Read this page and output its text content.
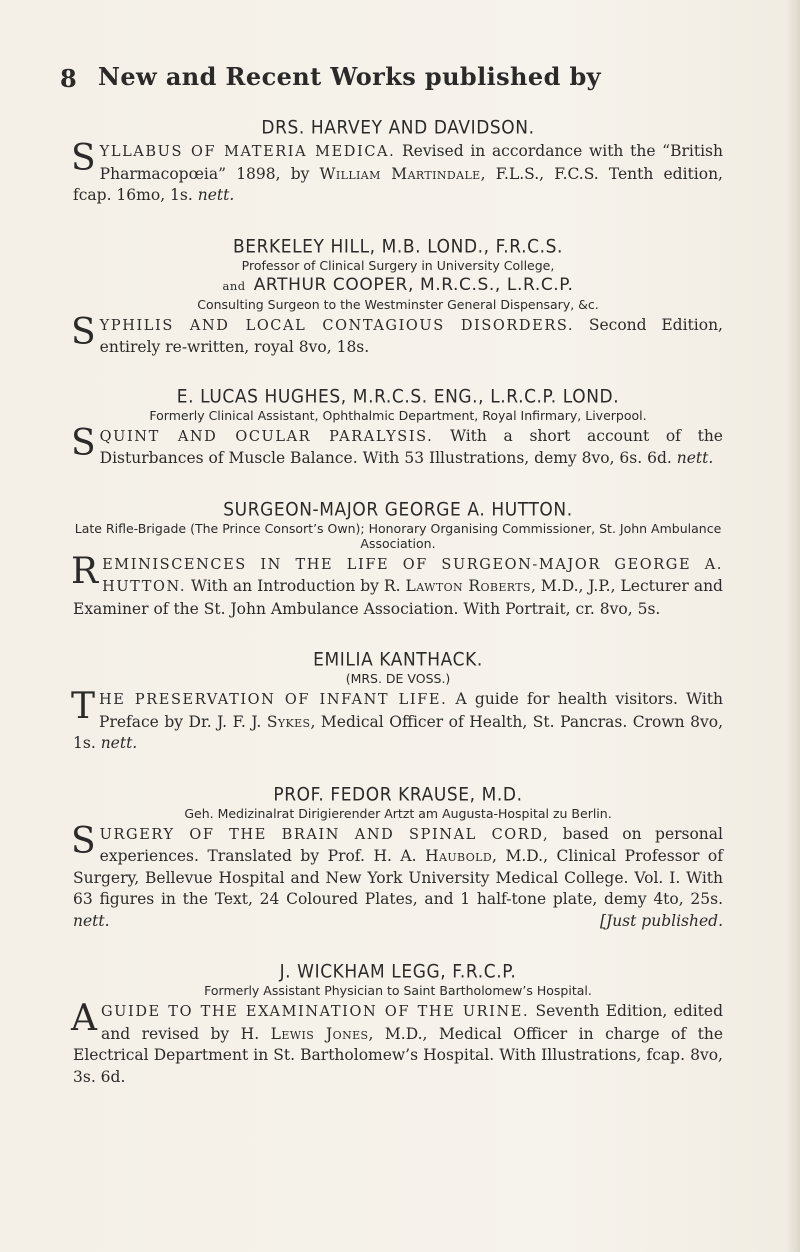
8 New and Recent Works published by

DRS. HARVEY AND DAVIDSON.

SYLLABUS OF MATERIA MEDICA. Revised in accordance with the “British Pharmacopœia” 1898, by William Martindale, F.L.S., F.C.S. Tenth edition, fcap. 16mo, 1s. nett.

BERKELEY HILL, M.B. LOND., F.R.C.S.

Professor of Clinical Surgery in University College,

and ARTHUR COOPER, M.R.C.S., L.R.C.P.

Consulting Surgeon to the Westminster General Dispensary, &c.

SYPHILIS AND LOCAL CONTAGIOUS DISORDERS. Second Edition, entirely re-written, royal 8vo, 18s.

E. LUCAS HUGHES, M.R.C.S. ENG., L.R.C.P. LOND.

Formerly Clinical Assistant, Ophthalmic Department, Royal Infirmary, Liverpool.

SQUINT AND OCULAR PARALYSIS. With a short account of the Disturbances of Muscle Balance. With 53 Illustrations, demy 8vo, 6s. 6d. nett.

SURGEON-MAJOR GEORGE A. HUTTON.

Late Rifle-Brigade (The Prince Consort’s Own); Honorary Organising Commissioner, St. John Ambulance Association.

REMINISCENCES IN THE LIFE OF SURGEON-MAJOR GEORGE A. HUTTON. With an Introduction by R. Lawton Roberts, M.D., J.P., Lecturer and Examiner of the St. John Ambulance Association. With Portrait, cr. 8vo, 5s.

EMILIA KANTHACK.

(MRS. DE VOSS.)

THE PRESERVATION OF INFANT LIFE. A guide for health visitors. With Preface by Dr. J. F. J. Sykes, Medical Officer of Health, St. Pancras. Crown 8vo, 1s. nett.

PROF. FEDOR KRAUSE, M.D.

Geh. Medizinalrat Dirigierender Artzt am Augusta-Hospital zu Berlin.

SURGERY OF THE BRAIN AND SPINAL CORD, based on personal experiences. Translated by Prof. H. A. Haubold, M.D., Clinical Professor of Surgery, Bellevue Hospital and New York University Medical College. Vol. I. With 63 figures in the Text, 24 Coloured Plates, and 1 half-tone plate, demy 4to, 25s. nett.	[Just published.

J. WICKHAM LEGG, F.R.C.P.

Formerly Assistant Physician to Saint Bartholomew’s Hospital.

AGUIDE TO THE EXAMINATION OF THE URINE. Seventh Edition, edited and revised by H. Lewis Jones, M.D., Medical Officer in charge of the Electrical Department in St. Bartholomew’s Hospital. With Illustrations, fcap. 8vo, 3s. 6d.
